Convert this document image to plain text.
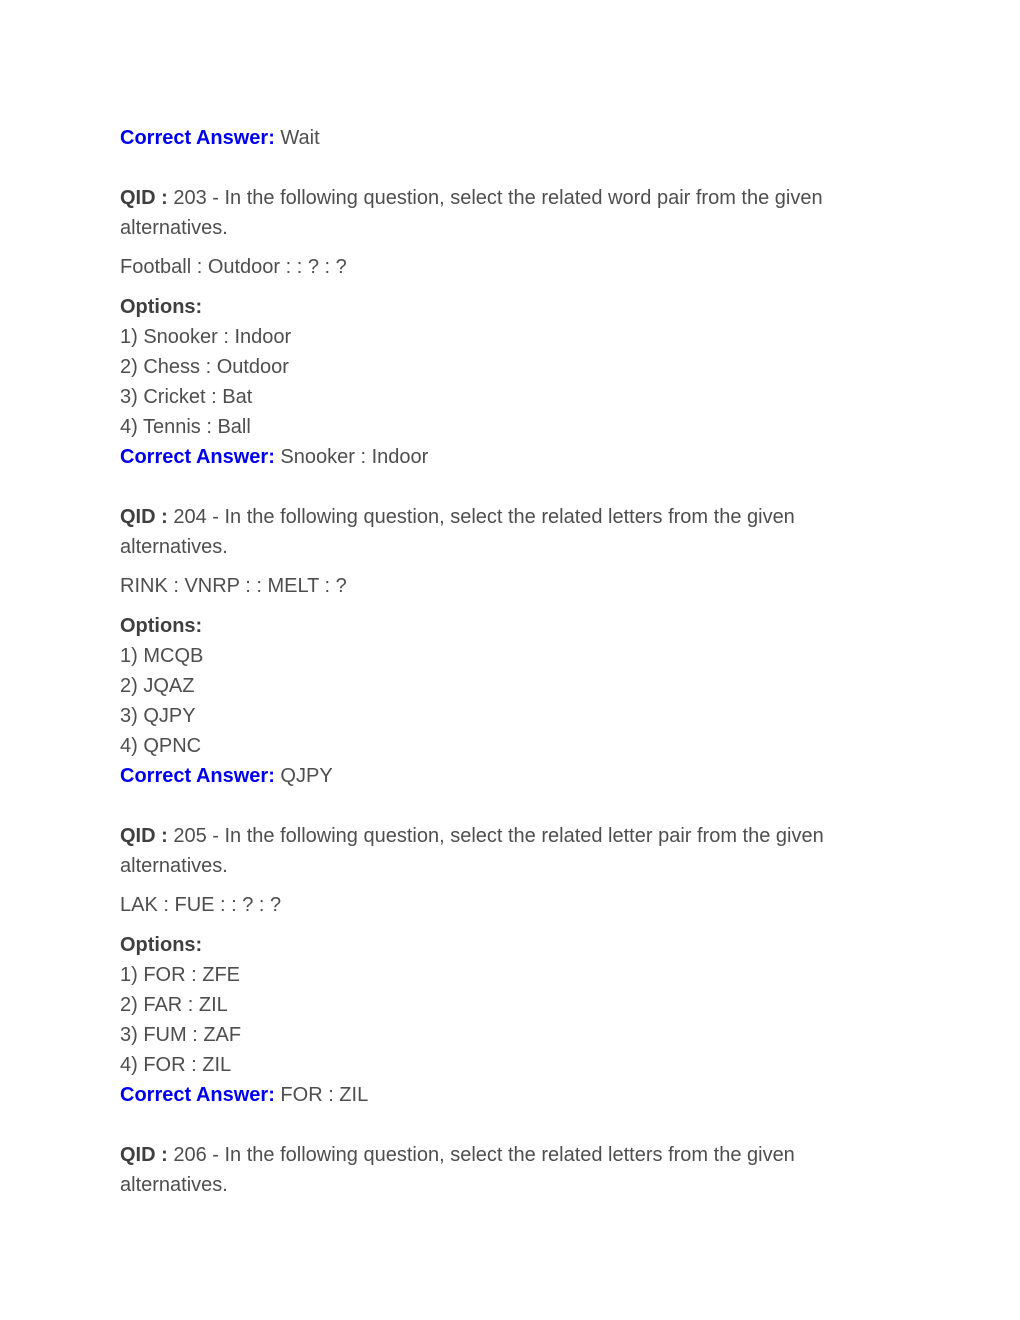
Correct Answer: Wait

QID : 203 - In the following question, select the related word pair from the given alternatives.

Football : Outdoor : : ? : ?

Options:
1) Snooker : Indoor
2) Chess : Outdoor
3) Cricket : Bat
4) Tennis : Ball
Correct Answer: Snooker : Indoor

QID : 204 - In the following question, select the related letters from the given alternatives.

RINK : VNRP : : MELT : ?

Options:
1) MCQB
2) JQAZ
3) QJPY
4) QPNC
Correct Answer: QJPY

QID : 205 - In the following question, select the related letter pair from the given alternatives.

LAK : FUE : : ? : ?

Options:
1) FOR : ZFE
2) FAR : ZIL
3) FUM : ZAF
4) FOR : ZIL
Correct Answer: FOR : ZIL

QID : 206 - In the following question, select the related letters from the given alternatives.
